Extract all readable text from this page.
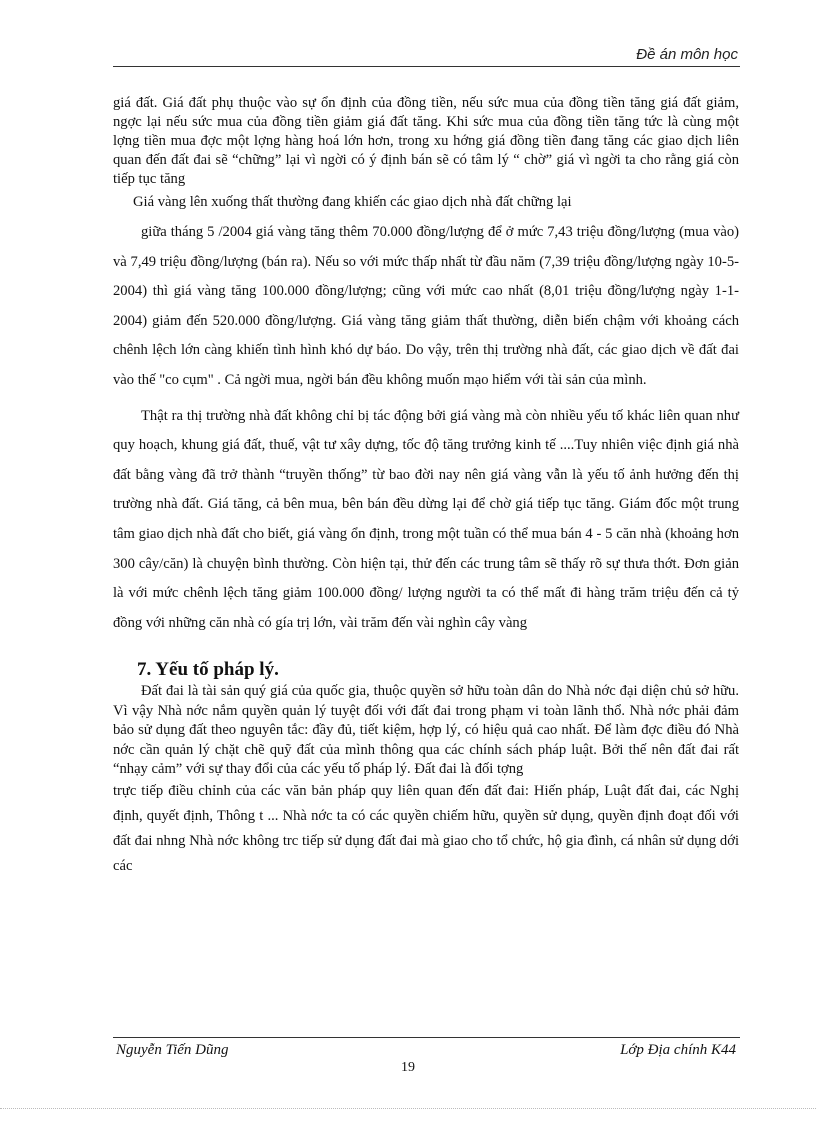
Đề án môn học

giá đất. Giá đất phụ thuộc vào sự ổn định của đồng tiền, nếu sức mua của đồng tiền tăng giá đất giảm, ngợc lại nếu sức mua của đồng tiền giảm giá đất tăng. Khi sức mua của đồng tiền tăng tức là cùng một lợng tiền mua đợc một lợng hàng hoá lớn hơn, trong xu hớng giá đồng tiền đang tăng các giao dịch liên quan đến đất đai sẽ “chững” lại vì ngời có ý định bán sẽ có tâm lý “ chờ” giá vì ngời ta cho rằng giá còn tiếp tục tăng

Giá vàng lên xuống thất thường đang khiến các giao dịch nhà đất chững lại

giữa tháng 5 /2004 giá vàng tăng thêm 70.000 đồng/lượng để ở mức 7,43 triệu đồng/lượng (mua vào) và 7,49 triệu đồng/lượng (bán ra). Nếu so với mức thấp nhất từ đầu năm (7,39 triệu đồng/lượng ngày 10-5-2004) thì giá vàng tăng 100.000 đồng/lượng; cũng với mức cao nhất (8,01 triệu đồng/lượng ngày 1-1-2004) giảm đến 520.000 đồng/lượng. Giá vàng tăng giảm thất thường, diễn biến chậm với khoảng cách chênh lệch lớn càng khiến tình hình khó dự báo. Do vậy, trên thị trường nhà đất, các giao dịch về đất đai vào thế "co cụm" . Cả ngời mua, ngời bán đều không muốn mạo hiểm với tài sản của mình.

Thật ra thị trường nhà đất không chỉ bị tác động bởi giá vàng mà còn nhiều yếu tố khác liên quan như quy hoạch, khung giá đất, thuế, vật tư xây dựng, tốc độ tăng trưởng kinh tế ....Tuy nhiên việc định giá nhà đất bằng vàng đã trở thành “truyền thống” từ bao đời nay nên giá vàng vẫn là yếu tố ảnh hưởng đến thị trường nhà đất. Giá tăng, cả bên mua, bên bán đều dừng lại để chờ giá tiếp tục tăng. Giám đốc một trung tâm giao dịch nhà đất cho biết, giá vàng ổn định, trong một tuần có thể mua bán 4 - 5 căn nhà (khoảng hơn 300 cây/căn) là chuyện bình thường. Còn hiện tại, thử đến các trung tâm sẽ thấy rõ sự thưa thớt. Đơn giản là với mức chênh lệch tăng giảm 100.000 đồng/ lượng người ta có thể mất đi hàng trăm triệu đến cả tỷ đồng với những căn nhà có gía trị lớn, vài trăm đến vài nghìn cây vàng

7. Yếu tố pháp lý.

Đất đai là tài sản quý giá của quốc gia, thuộc quyền sở hữu toàn dân do Nhà nớc đại diện chủ sở hữu. Vì vậy Nhà nớc nắm quyền quản lý tuyệt đối với đất đai trong phạm vi toàn lãnh thổ. Nhà nớc phải đảm bảo sử dụng đất theo nguyên tắc: đầy đủ, tiết kiệm, hợp lý, có hiệu quả cao nhất. Để làm đợc điều đó Nhà nớc cần quản lý chặt chẽ quỹ đất của mình thông qua các chính sách pháp luật. Bởi thế nên đất đai rất “nhạy cảm” với sự thay đổi của các yếu tố pháp lý. Đất đai là đối tợng

trực tiếp điều chỉnh của các văn bản pháp quy liên quan đến đất đai: Hiến pháp, Luật đất đai, các Nghị định, quyết định, Thông t ... Nhà nớc ta có các quyền chiếm hữu, quyền sử dụng, quyền định đoạt đối với đất đai nhng Nhà nớc không trc tiếp sử dụng đất đai mà giao cho tổ chức, hộ gia đình, cá nhân sử dụng dới các

Nguyễn Tiến Dũng	Lớp Địa chính K44
19
